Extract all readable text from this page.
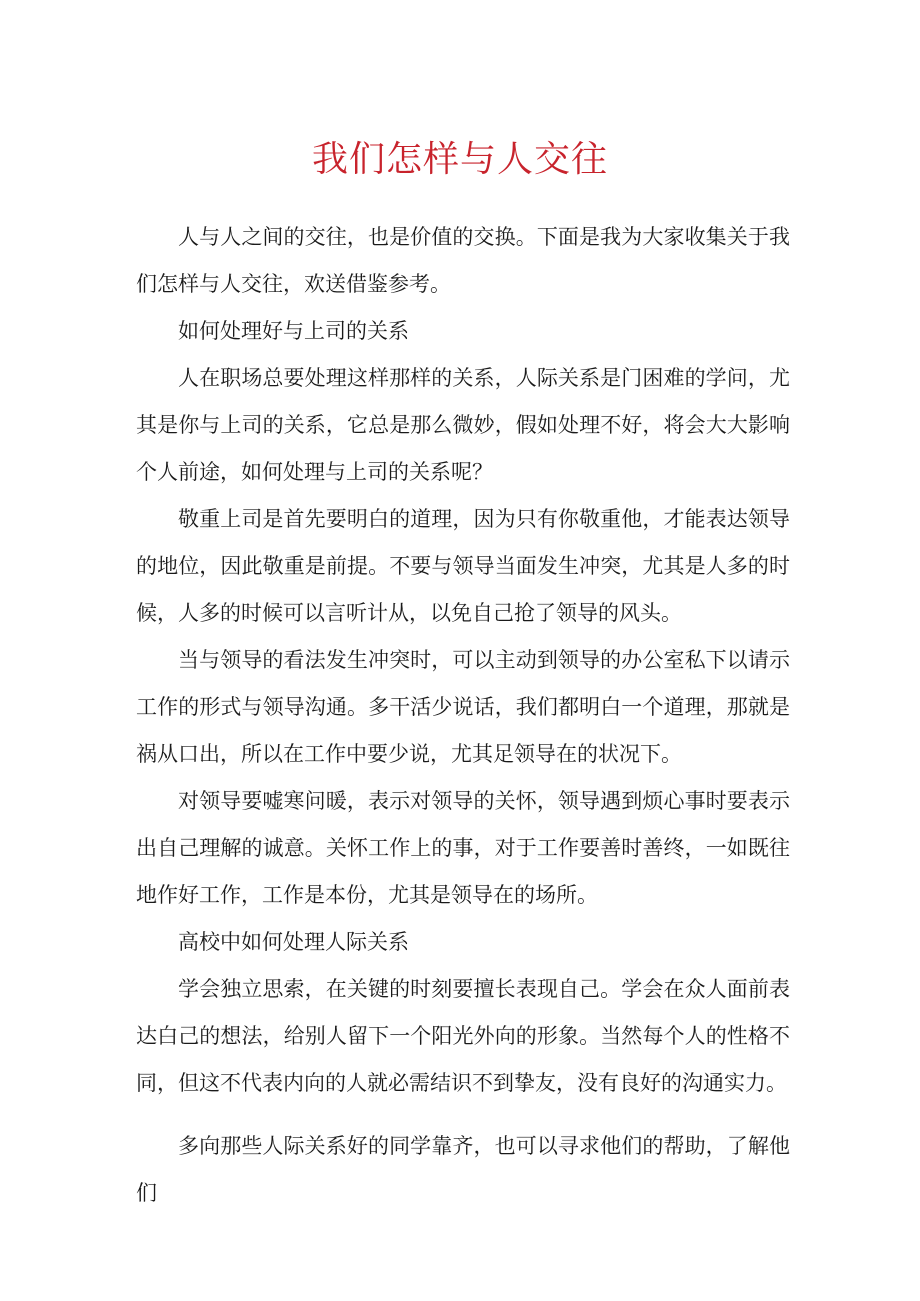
我们怎样与人交往

人与人之间的交往，也是价值的交换。下面是我为大家收集关于我们怎样与人交往，欢送借鉴参考。

如何处理好与上司的关系

人在职场总要处理这样那样的关系，人际关系是门困难的学问，尤其是你与上司的关系，它总是那么微妙，假如处理不好，将会大大影响个人前途，如何处理与上司的关系呢？

敬重上司是首先要明白的道理，因为只有你敬重他，才能表达领导的地位，因此敬重是前提。不要与领导当面发生冲突，尤其是人多的时候，人多的时候可以言听计从，以免自己抢了领导的风头。

当与领导的看法发生冲突时，可以主动到领导的办公室私下以请示工作的形式与领导沟通。多干活少说话，我们都明白一个道理，那就是祸从口出，所以在工作中要少说，尤其足领导在的状况下。

对领导要嘘寒问暖，表示对领导的关怀，领导遇到烦心事时要表示出自己理解的诚意。关怀工作上的事，对于工作要善时善终，一如既往地作好工作，工作是本份，尤其是领导在的场所。

高校中如何处理人际关系

学会独立思索，在关键的时刻要擅长表现自己。学会在众人面前表达白己的想法，给别人留下一个阳光外向的形象。当然每个人的性格不同，但这不代表内向的人就必需结识不到挚友，没有良好的沟通实力。

多向那些人际关系好的同学靠齐，也可以寻求他们的帮助，了解他们
